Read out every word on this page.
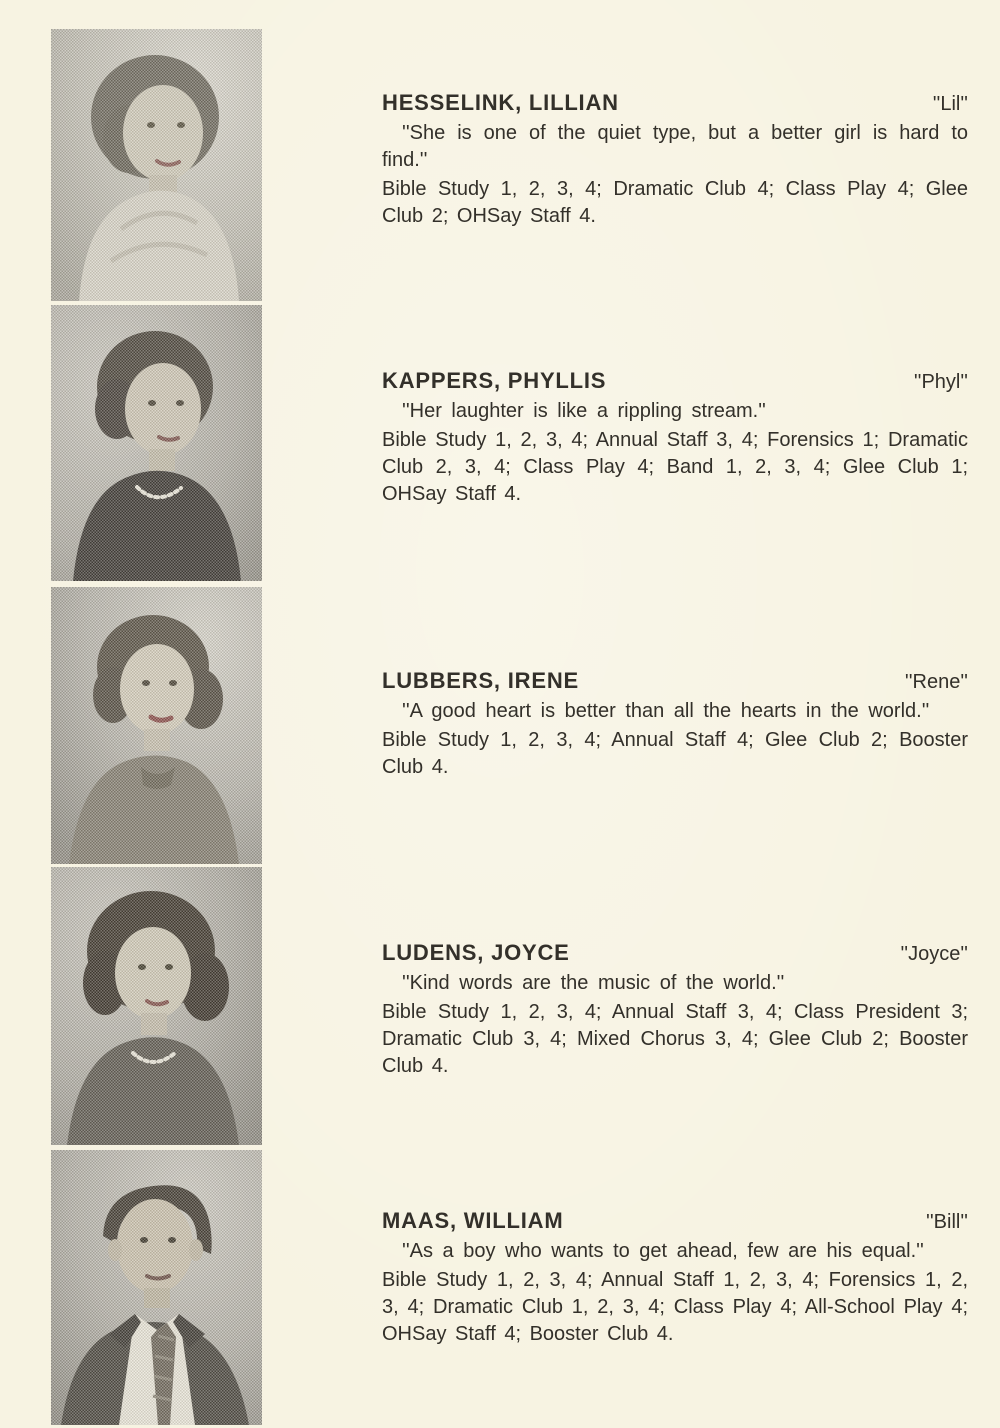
HESSELINK, LILLIAN	''Lil''
''She is one of the quiet type, but a better girl is hard to find.''
Bible Study 1, 2, 3, 4; Dramatic Club 4; Class Play 4; Glee Club 2; OHSay Staff 4.
KAPPERS, PHYLLIS	''Phyl''
''Her laughter is like a rippling stream.''
Bible Study 1, 2, 3, 4; Annual Staff 3, 4; Forensics 1; Dramatic Club 2, 3, 4; Class Play 4; Band 1, 2, 3, 4; Glee Club 1; OHSay Staff 4.
LUBBERS, IRENE	''Rene''
''A good heart is better than all the hearts in the world.''
Bible Study 1, 2, 3, 4; Annual Staff 4; Glee Club 2; Booster Club 4.
LUDENS, JOYCE	''Joyce''
''Kind words are the music of the world.''
Bible Study 1, 2, 3, 4; Annual Staff 3, 4; Class President 3; Dramatic Club 3, 4; Mixed Chorus 3, 4; Glee Club 2; Booster Club 4.
MAAS, WILLIAM	''Bill''
''As a boy who wants to get ahead, few are his equal.''
Bible Study 1, 2, 3, 4; Annual Staff 1, 2, 3, 4; Forensics 1, 2, 3, 4; Dramatic Club 1, 2, 3, 4; Class Play 4; All-School Play 4; OHSay Staff 4; Booster Club 4.
